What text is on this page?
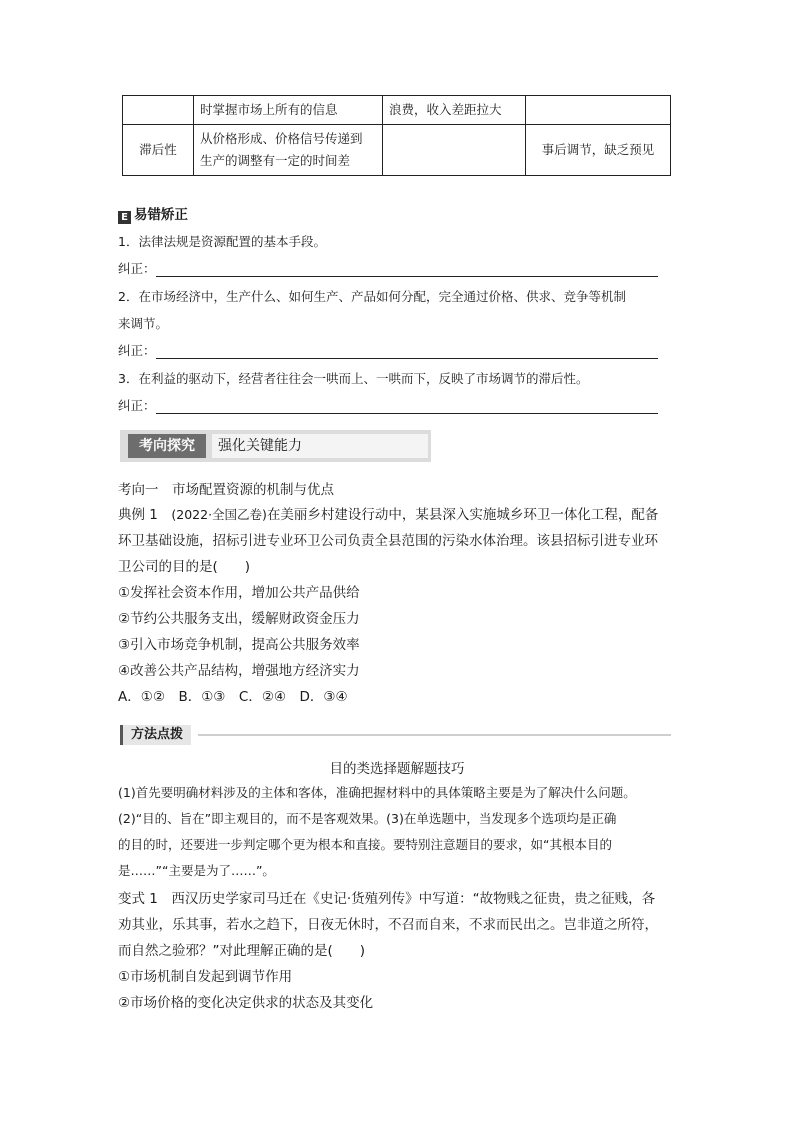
	时掌握市场上所有的信息	浪费，收入差距拉大	
滞后性	从价格形成、价格信号传递到
生产的调整有一定的时间差		事后调节，缺乏预见
E 易错矫正
1．法律法规是资源配置的基本手段。
纠正：
2．在市场经济中，生产什么、如何生产、产品如何分配，完全通过价格、供求、竞争等机制
来调节。
纠正：
3．在利益的驱动下，经营者往往会一哄而上、一哄而下，反映了市场调节的滞后性。
纠正：
考向探究	强化关键能力
考向一　市场配置资源的机制与优点
典例 1　 (2022·全国乙卷)在美丽乡村建设行动中，某县深入实施城乡环卫一体化工程，配备
环卫基础设施，招标引进专业环卫公司负责全县范围的污染水体治理。该县招标引进专业环
卫公司的目的是(　　)
①发挥社会资本作用，增加公共产品供给
②节约公共服务支出，缓解财政资金压力
③引入市场竞争机制，提高公共服务效率
④改善公共产品结构，增强地方经济实力
A．①②　B．①③　C．②④　D．③④
方法点拨
目的类选择题解题技巧
(1)首先要明确材料涉及的主体和客体，准确把握材料中的具体策略主要是为了解决什么问题。
(2)“目的、旨在”即主观目的，而不是客观效果。(3)在单选题中，当发现多个选项均是正确
的目的时，还要进一步判定哪个更为根本和直接。要特别注意题目的要求，如“其根本目的
是……”“主要是为了……”。
变式 1　西汉历史学家司马迁在《史记·货殖列传》中写道：“故物贱之征贵，贵之征贱，各
劝其业，乐其事，若水之趋下，日夜无休时，不召而自来，不求而民出之。岂非道之所符，
而自然之验邪？”对此理解正确的是(　　)
①市场机制自发起到调节作用
②市场价格的变化决定供求的状态及其变化
